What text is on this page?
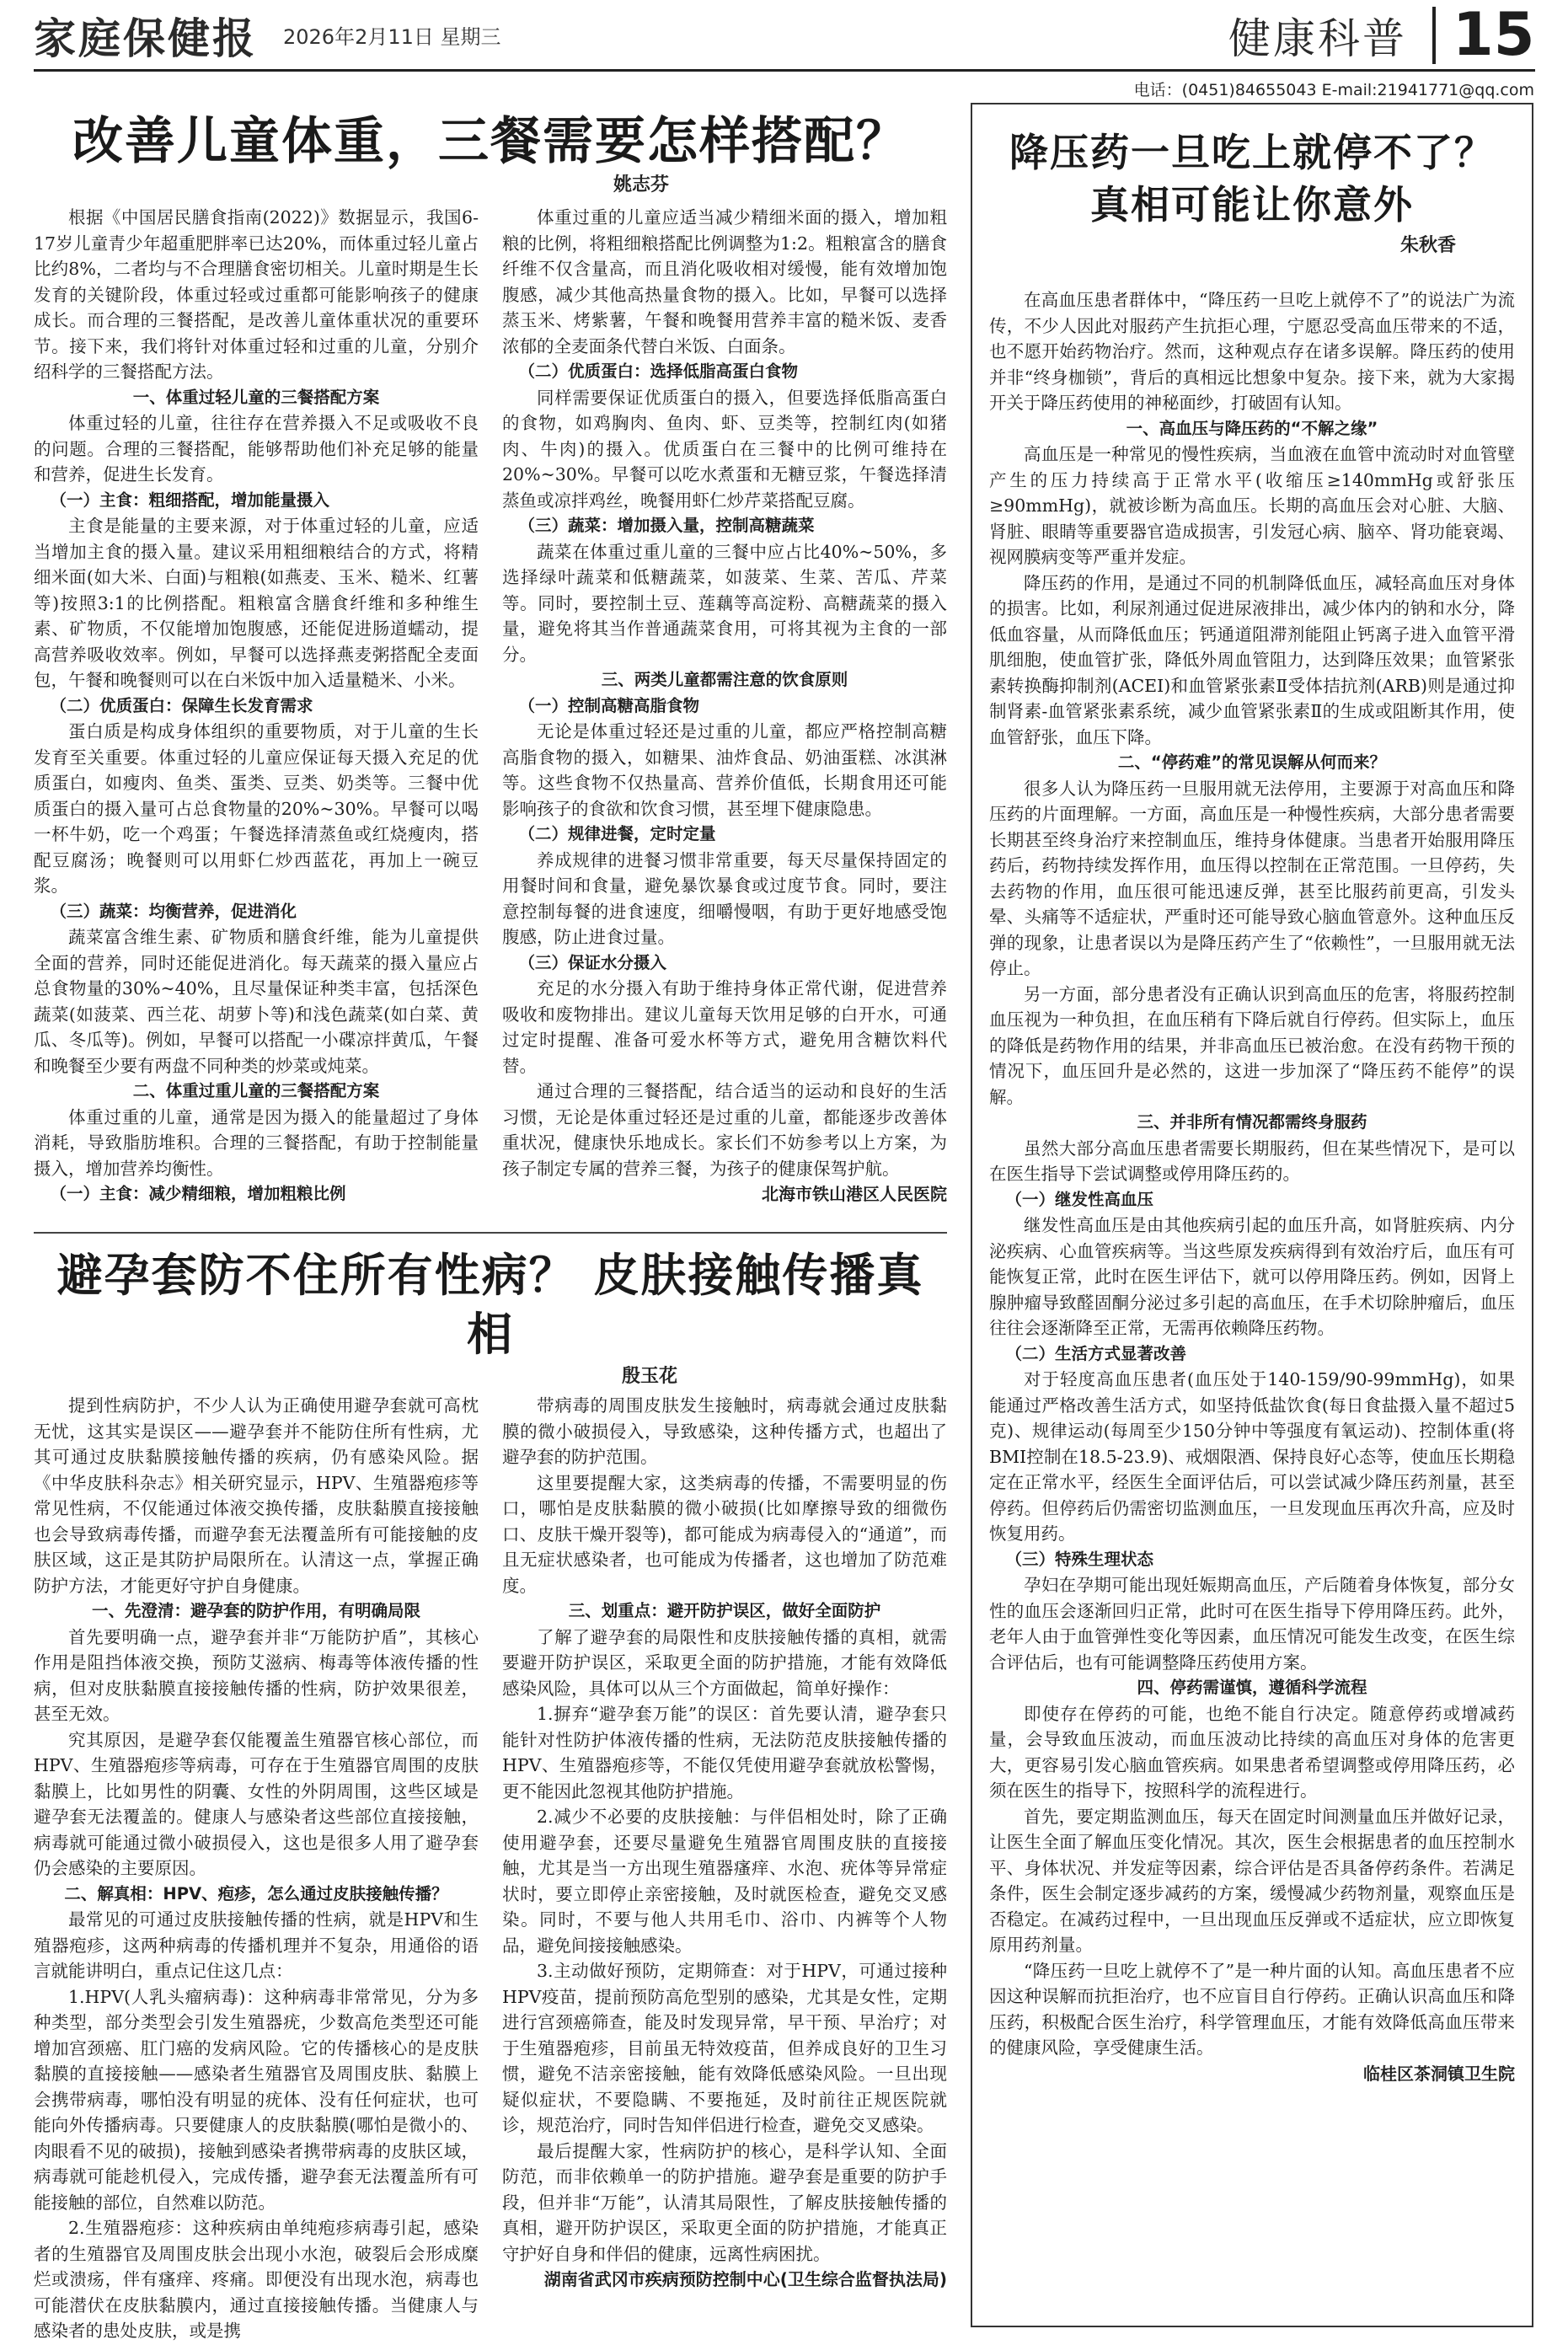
家庭保健报 2026年2月11日 星期三	健康科普 15
电话：(0451)84655043 E-mail:21941771@qq.com
改善儿童体重，三餐需要怎样搭配？
姚志芬

根据《中国居民膳食指南(2022)》数据显示，我国6-17岁儿童青少年超重肥胖率已达20%，而体重过轻儿童占比约8%，二者均与不合理膳食密切相关。儿童时期是生长发育的关键阶段，体重过轻或过重都可能影响孩子的健康成长。而合理的三餐搭配，是改善儿童体重状况的重要环节。接下来，我们将针对体重过轻和过重的儿童，分别介绍科学的三餐搭配方法。

一、体重过轻儿童的三餐搭配方案

体重过轻的儿童，往往存在营养摄入不足或吸收不良的问题。合理的三餐搭配，能够帮助他们补充足够的能量和营养，促进生长发育。

（一）主食：粗细搭配，增加能量摄入

主食是能量的主要来源，对于体重过轻的儿童，应适当增加主食的摄入量。建议采用粗细粮结合的方式，将精细米面(如大米、白面)与粗粮(如燕麦、玉米、糙米、红薯等)按照3:1的比例搭配。粗粮富含膳食纤维和多种维生素、矿物质，不仅能增加饱腹感，还能促进肠道蠕动，提高营养吸收效率。例如，早餐可以选择燕麦粥搭配全麦面包，午餐和晚餐则可以在白米饭中加入适量糙米、小米。

（二）优质蛋白：保障生长发育需求

蛋白质是构成身体组织的重要物质，对于儿童的生长发育至关重要。体重过轻的儿童应保证每天摄入充足的优质蛋白，如瘦肉、鱼类、蛋类、豆类、奶类等。三餐中优质蛋白的摄入量可占总食物量的20%~30%。早餐可以喝一杯牛奶，吃一个鸡蛋；午餐选择清蒸鱼或红烧瘦肉，搭配豆腐汤；晚餐则可以用虾仁炒西蓝花，再加上一碗豆浆。

（三）蔬菜：均衡营养，促进消化

蔬菜富含维生素、矿物质和膳食纤维，能为儿童提供全面的营养，同时还能促进消化。每天蔬菜的摄入量应占总食物量的30%~40%，且尽量保证种类丰富，包括深色蔬菜(如菠菜、西兰花、胡萝卜等)和浅色蔬菜(如白菜、黄瓜、冬瓜等)。例如，早餐可以搭配一小碟凉拌黄瓜，午餐和晚餐至少要有两盘不同种类的炒菜或炖菜。

二、体重过重儿童的三餐搭配方案

体重过重的儿童，通常是因为摄入的能量超过了身体消耗，导致脂肪堆积。合理的三餐搭配，有助于控制能量摄入，增加营养均衡性。

（一）主食：减少精细粮，增加粗粮比例

体重过重的儿童应适当减少精细米面的摄入，增加粗粮的比例，将粗细粮搭配比例调整为1:2。粗粮富含的膳食纤维不仅含量高，而且消化吸收相对缓慢，能有效增加饱腹感，减少其他高热量食物的摄入。比如，早餐可以选择蒸玉米、烤紫薯，午餐和晚餐用营养丰富的糙米饭、麦香浓郁的全麦面条代替白米饭、白面条。

（二）优质蛋白：选择低脂高蛋白食物

同样需要保证优质蛋白的摄入，但要选择低脂高蛋白的食物，如鸡胸肉、鱼肉、虾、豆类等，控制红肉(如猪肉、牛肉)的摄入。优质蛋白在三餐中的比例可维持在20%~30%。早餐可以吃水煮蛋和无糖豆浆，午餐选择清蒸鱼或凉拌鸡丝，晚餐用虾仁炒芹菜搭配豆腐。

（三）蔬菜：增加摄入量，控制高糖蔬菜

蔬菜在体重过重儿童的三餐中应占比40%~50%，多选择绿叶蔬菜和低糖蔬菜，如菠菜、生菜、苦瓜、芹菜等。同时，要控制土豆、莲藕等高淀粉、高糖蔬菜的摄入量，避免将其当作普通蔬菜食用，可将其视为主食的一部分。

三、两类儿童都需注意的饮食原则

（一）控制高糖高脂食物

无论是体重过轻还是过重的儿童，都应严格控制高糖高脂食物的摄入，如糖果、油炸食品、奶油蛋糕、冰淇淋等。这些食物不仅热量高、营养价值低，长期食用还可能影响孩子的食欲和饮食习惯，甚至埋下健康隐患。

（二）规律进餐，定时定量

养成规律的进餐习惯非常重要，每天尽量保持固定的用餐时间和食量，避免暴饮暴食或过度节食。同时，要注意控制每餐的进食速度，细嚼慢咽，有助于更好地感受饱腹感，防止进食过量。

（三）保证水分摄入

充足的水分摄入有助于维持身体正常代谢，促进营养吸收和废物排出。建议儿童每天饮用足够的白开水，可通过定时提醒、准备可爱水杯等方式，避免用含糖饮料代替。

通过合理的三餐搭配，结合适当的运动和良好的生活习惯，无论是体重过轻还是过重的儿童，都能逐步改善体重状况，健康快乐地成长。家长们不妨参考以上方案，为孩子制定专属的营养三餐，为孩子的健康保驾护航。

北海市铁山港区人民医院

避孕套防不住所有性病？ 皮肤接触传播真相
殷玉花

提到性病防护，不少人认为正确使用避孕套就可高枕无忧，这其实是误区——避孕套并不能防住所有性病，尤其可通过皮肤黏膜接触传播的疾病，仍有感染风险。据《中华皮肤科杂志》相关研究显示，HPV、生殖器疱疹等常见性病，不仅能通过体液交换传播，皮肤黏膜直接接触也会导致病毒传播，而避孕套无法覆盖所有可能接触的皮肤区域，这正是其防护局限所在。认清这一点，掌握正确防护方法，才能更好守护自身健康。

一、先澄清：避孕套的防护作用，有明确局限

首先要明确一点，避孕套并非“万能防护盾”，其核心作用是阻挡体液交换，预防艾滋病、梅毒等体液传播的性病，但对皮肤黏膜直接接触传播的性病，防护效果很差，甚至无效。

究其原因，是避孕套仅能覆盖生殖器官核心部位，而HPV、生殖器疱疹等病毒，可存在于生殖器官周围的皮肤黏膜上，比如男性的阴囊、女性的外阴周围，这些区域是避孕套无法覆盖的。健康人与感染者这些部位直接接触，病毒就可能通过微小破损侵入，这也是很多人用了避孕套仍会感染的主要原因。

二、解真相：HPV、疱疹，怎么通过皮肤接触传播？

最常见的可通过皮肤接触传播的性病，就是HPV和生殖器疱疹，这两种病毒的传播机理并不复杂，用通俗的语言就能讲明白，重点记住这几点：

1.HPV(人乳头瘤病毒)：这种病毒非常常见，分为多种类型，部分类型会引发生殖器疣，少数高危类型还可能增加宫颈癌、肛门癌的发病风险。它的传播核心的是皮肤黏膜的直接接触——感染者生殖器官及周围皮肤、黏膜上会携带病毒，哪怕没有明显的疣体、没有任何症状，也可能向外传播病毒。只要健康人的皮肤黏膜(哪怕是微小的、肉眼看不见的破损)，接触到感染者携带病毒的皮肤区域，病毒就可能趁机侵入，完成传播，避孕套无法覆盖所有可能接触的部位，自然难以防范。

2.生殖器疱疹：这种疾病由单纯疱疹病毒引起，感染者的生殖器官及周围皮肤会出现小水泡，破裂后会形成糜烂或溃疡，伴有瘙痒、疼痛。即便没有出现水泡，病毒也可能潜伏在皮肤黏膜内，通过直接接触传播。当健康人与感染者的患处皮肤，或是携

带病毒的周围皮肤发生接触时，病毒就会通过皮肤黏膜的微小破损侵入，导致感染，这种传播方式，也超出了避孕套的防护范围。

这里要提醒大家，这类病毒的传播，不需要明显的伤口，哪怕是皮肤黏膜的微小破损(比如摩擦导致的细微伤口、皮肤干燥开裂等)，都可能成为病毒侵入的“通道”，而且无症状感染者，也可能成为传播者，这也增加了防范难度。

三、划重点：避开防护误区，做好全面防护

了解了避孕套的局限性和皮肤接触传播的真相，就需要避开防护误区，采取更全面的防护措施，才能有效降低感染风险，具体可以从三个方面做起，简单好操作：

1.摒弃“避孕套万能”的误区：首先要认清，避孕套只能针对性防护体液传播的性病，无法防范皮肤接触传播的HPV、生殖器疱疹等，不能仅凭使用避孕套就放松警惕，更不能因此忽视其他防护措施。

2.减少不必要的皮肤接触：与伴侣相处时，除了正确使用避孕套，还要尽量避免生殖器官周围皮肤的直接接触，尤其是当一方出现生殖器瘙痒、水泡、疣体等异常症状时，要立即停止亲密接触，及时就医检查，避免交叉感染。同时，不要与他人共用毛巾、浴巾、内裤等个人物品，避免间接接触感染。

3.主动做好预防，定期筛查：对于HPV，可通过接种HPV疫苗，提前预防高危型别的感染，尤其是女性，定期进行宫颈癌筛查，能及时发现异常，早干预、早治疗；对于生殖器疱疹，目前虽无特效疫苗，但养成良好的卫生习惯，避免不洁亲密接触，能有效降低感染风险。一旦出现疑似症状，不要隐瞒、不要拖延，及时前往正规医院就诊，规范治疗，同时告知伴侣进行检查，避免交叉感染。

最后提醒大家，性病防护的核心，是科学认知、全面防范，而非依赖单一的防护措施。避孕套是重要的防护手段，但并非“万能”，认清其局限性，了解皮肤接触传播的真相，避开防护误区，采取更全面的防护措施，才能真正守护好自身和伴侣的健康，远离性病困扰。

湖南省武冈市疾病预防控制中心(卫生综合监督执法局)

降压药一旦吃上就停不了？
真相可能让你意外
朱秋香

在高血压患者群体中，“降压药一旦吃上就停不了”的说法广为流传，不少人因此对服药产生抗拒心理，宁愿忍受高血压带来的不适，也不愿开始药物治疗。然而，这种观点存在诸多误解。降压药的使用并非“终身枷锁”，背后的真相远比想象中复杂。接下来，就为大家揭开关于降压药使用的神秘面纱，打破固有认知。

一、高血压与降压药的“不解之缘”

高血压是一种常见的慢性疾病，当血液在血管中流动时对血管壁产生的压力持续高于正常水平(收缩压≥140mmHg或舒张压≥90mmHg)，就被诊断为高血压。长期的高血压会对心脏、大脑、肾脏、眼睛等重要器官造成损害，引发冠心病、脑卒、肾功能衰竭、视网膜病变等严重并发症。

降压药的作用，是通过不同的机制降低血压，减轻高血压对身体的损害。比如，利尿剂通过促进尿液排出，减少体内的钠和水分，降低血容量，从而降低血压；钙通道阻滞剂能阻止钙离子进入血管平滑肌细胞，使血管扩张，降低外周血管阻力，达到降压效果；血管紧张素转换酶抑制剂(ACEI)和血管紧张素Ⅱ受体拮抗剂(ARB)则是通过抑制肾素-血管紧张素系统，减少血管紧张素Ⅱ的生成或阻断其作用，使血管舒张，血压下降。

二、“停药难”的常见误解从何而来？

很多人认为降压药一旦服用就无法停用，主要源于对高血压和降压药的片面理解。一方面，高血压是一种慢性疾病，大部分患者需要长期甚至终身治疗来控制血压，维持身体健康。当患者开始服用降压药后，药物持续发挥作用，血压得以控制在正常范围。一旦停药，失去药物的作用，血压很可能迅速反弹，甚至比服药前更高，引发头晕、头痛等不适症状，严重时还可能导致心脑血管意外。这种血压反弹的现象，让患者误以为是降压药产生了“依赖性”，一旦服用就无法停止。

另一方面，部分患者没有正确认识到高血压的危害，将服药控制血压视为一种负担，在血压稍有下降后就自行停药。但实际上，血压的降低是药物作用的结果，并非高血压已被治愈。在没有药物干预的情况下，血压回升是必然的，这进一步加深了“降压药不能停”的误解。

三、并非所有情况都需终身服药

虽然大部分高血压患者需要长期服药，但在某些情况下，是可以在医生指导下尝试调整或停用降压药的。

（一）继发性高血压

继发性高血压是由其他疾病引起的血压升高，如肾脏疾病、内分泌疾病、心血管疾病等。当这些原发疾病得到有效治疗后，血压有可能恢复正常，此时在医生评估下，就可以停用降压药。例如，因肾上腺肿瘤导致醛固酮分泌过多引起的高血压，在手术切除肿瘤后，血压往往会逐渐降至正常，无需再依赖降压药物。

（二）生活方式显著改善

对于轻度高血压患者(血压处于140-159/90-99mmHg)，如果能通过严格改善生活方式，如坚持低盐饮食(每日食盐摄入量不超过5克)、规律运动(每周至少150分钟中等强度有氧运动)、控制体重(将BMI控制在18.5-23.9)、戒烟限酒、保持良好心态等，使血压长期稳定在正常水平，经医生全面评估后，可以尝试减少降压药剂量，甚至停药。但停药后仍需密切监测血压，一旦发现血压再次升高，应及时恢复用药。

（三）特殊生理状态

孕妇在孕期可能出现妊娠期高血压，产后随着身体恢复，部分女性的血压会逐渐回归正常，此时可在医生指导下停用降压药。此外，老年人由于血管弹性变化等因素，血压情况可能发生改变，在医生综合评估后，也有可能调整降压药使用方案。

四、停药需谨慎，遵循科学流程

即使存在停药的可能，也绝不能自行决定。随意停药或增减药量，会导致血压波动，而血压波动比持续的高血压对身体的危害更大，更容易引发心脑血管疾病。如果患者希望调整或停用降压药，必须在医生的指导下，按照科学的流程进行。

首先，要定期监测血压，每天在固定时间测量血压并做好记录，让医生全面了解血压变化情况。其次，医生会根据患者的血压控制水平、身体状况、并发症等因素，综合评估是否具备停药条件。若满足条件，医生会制定逐步减药的方案，缓慢减少药物剂量，观察血压是否稳定。在减药过程中，一旦出现血压反弹或不适症状，应立即恢复原用药剂量。

“降压药一旦吃上就停不了”是一种片面的认知。高血压患者不应因这种误解而抗拒治疗，也不应盲目自行停药。正确认识高血压和降压药，积极配合医生治疗，科学管理血压，才能有效降低高血压带来的健康风险，享受健康生活。

临桂区茶洞镇卫生院
